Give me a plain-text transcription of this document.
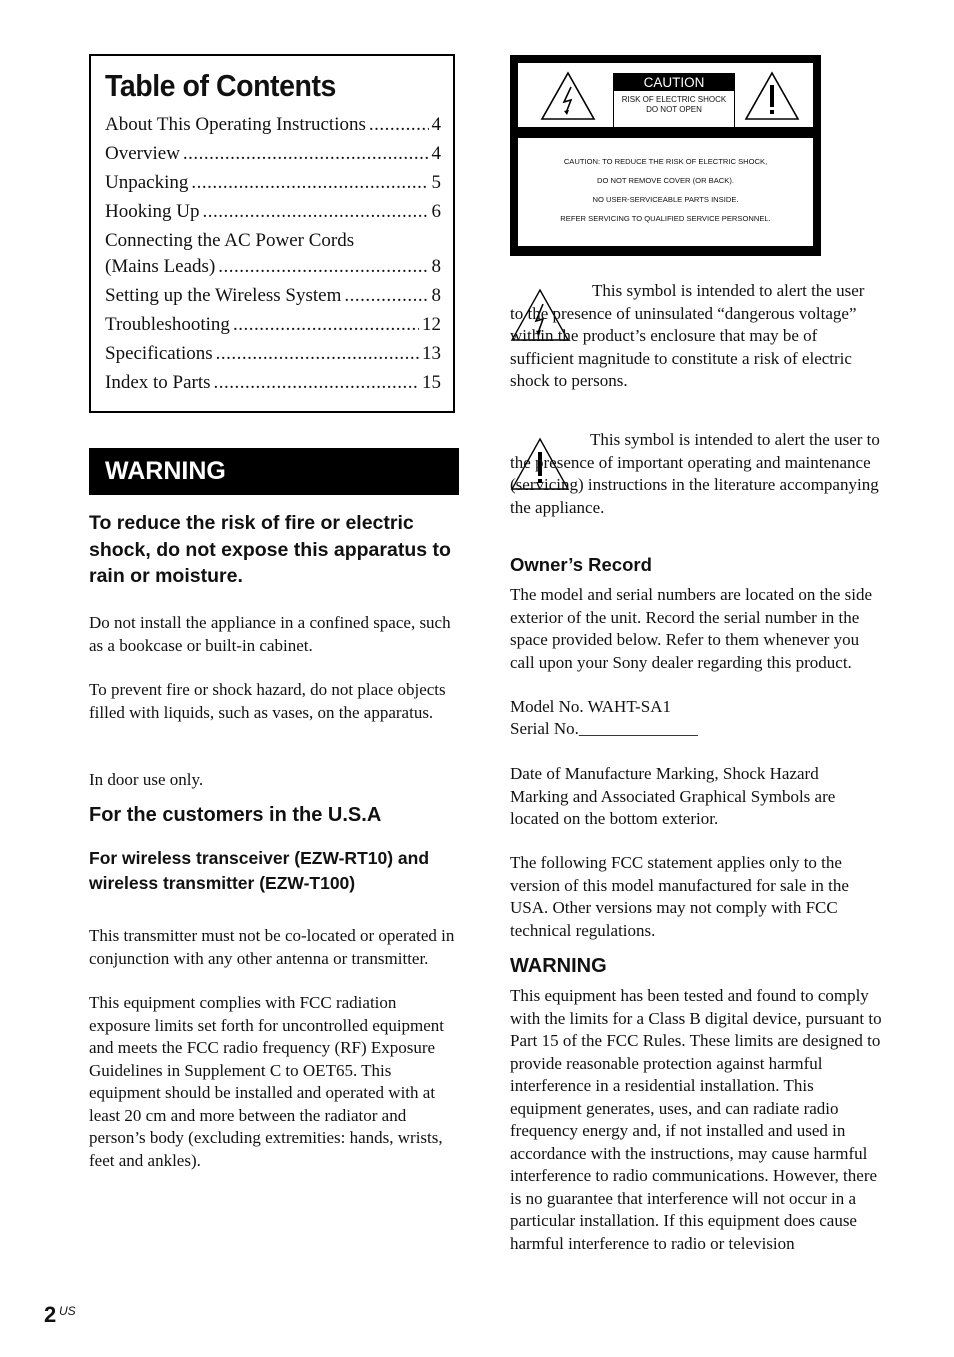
Table of Contents
About This Operating Instructions .....	4
Overview .....	4
Unpacking .....	5
Hooking Up .....	6
Connecting the AC Power Cords
(Mains Leads) .....	8
Setting up the Wireless System .....	8
Troubleshooting .....	12
Specifications .....	13
Index to Parts .....	15
WARNING
To reduce the risk of fire or electric shock, do not expose this apparatus to rain or moisture.
Do not install the appliance in a confined space, such as a bookcase or built-in cabinet.
To prevent fire or shock hazard, do not place objects filled with liquids, such as vases, on the apparatus.
In door use only.
For the customers in the U.S.A
For wireless transceiver (EZW-RT10) and wireless transmitter (EZW-T100)
This transmitter must not be co-located or operated in conjunction with any other antenna or transmitter.
This equipment complies with FCC radiation exposure limits set forth for uncontrolled equipment and meets the FCC radio frequency (RF) Exposure Guidelines in Supplement C to OET65. This equipment should be installed and operated with at least 20 cm and more between the radiator and person’s body (excluding extremities: hands, wrists, feet and ankles).
CAUTION
RISK OF ELECTRIC SHOCK
DO NOT OPEN
CAUTION: TO REDUCE THE RISK OF ELECTRIC SHOCK,
DO NOT REMOVE COVER (OR BACK).
NO USER-SERVICEABLE PARTS INSIDE.
REFER SERVICING TO QUALIFIED SERVICE PERSONNEL.
This symbol is intended to alert the user to the presence of uninsulated “dangerous voltage” within the product’s enclosure that may be of sufficient magnitude to constitute a risk of electric shock to persons.
This symbol is intended to alert the user to the presence of important operating and maintenance (servicing) instructions in the literature accompanying the appliance.
Owner’s Record
The model and serial numbers are located on the side exterior of the unit. Record the serial number in the space provided below. Refer to them whenever you call upon your Sony dealer regarding this product.
Model No. WAHT-SA1
Serial No.______________
Date of Manufacture Marking, Shock Hazard Marking and Associated Graphical Symbols are located on the bottom exterior.
The following FCC statement applies only to the version of this model manufactured for sale in the USA. Other versions may not comply with FCC technical regulations.
WARNING
This equipment has been tested and found to comply with the limits for a Class B digital device, pursuant to Part 15 of the FCC Rules. These limits are designed to provide reasonable protection against harmful interference in a residential installation. This equipment generates, uses, and can radiate radio frequency energy and, if not installed and used in accordance with the instructions, may cause harmful interference to radio communications. However, there is no guarantee that interference will not occur in a particular installation. If this equipment does cause harmful interference to radio or television
2 US
